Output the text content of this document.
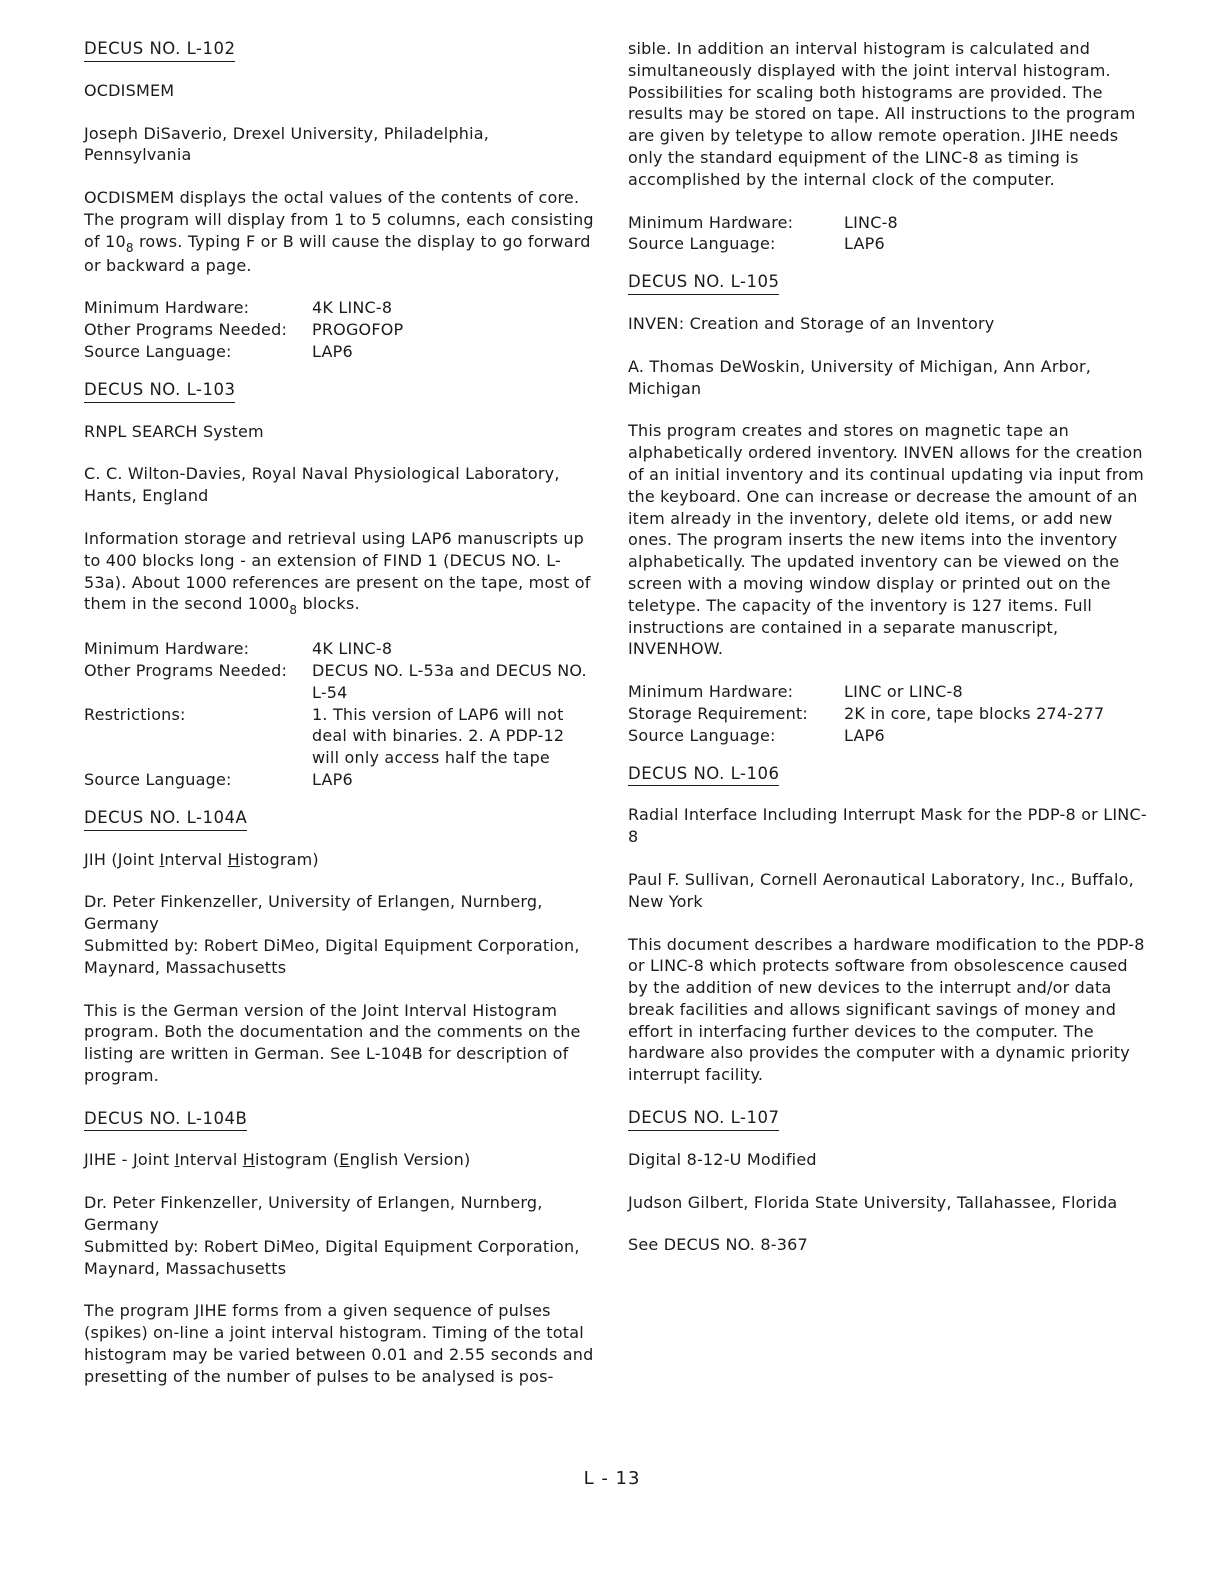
DECUS NO. L-102
OCDISMEM
Joseph DiSaverio, Drexel University, Philadelphia, Pennsylvania
OCDISMEM displays the octal values of the contents of core. The program will display from 1 to 5 columns, each consisting of $10_8$ rows. Typing F or B will cause the display to go forward or backward a page.
Minimum Hardware:	4K LINC-8
Other Programs Needed:	PROGOFOP
Source Language:	LAP6
DECUS NO. L-103
RNPL SEARCH System
C. C. Wilton-Davies, Royal Naval Physiological Laboratory, Hants, England
Information storage and retrieval using LAP6 manuscripts up to 400 blocks long - an extension of FIND 1 (DECUS NO. L-53a). About 1000 references are present on the tape, most of them in the second $1000_8$ blocks.
Minimum Hardware:	4K LINC-8
Other Programs Needed:	DECUS NO. L-53a and DECUS NO. L-54
Restrictions:	1. This version of LAP6 will not deal with binaries. 2. A PDP-12 will only access half the tape
Source Language:	LAP6
DECUS NO. L-104A
JIH (Joint Interval Histogram)
Dr. Peter Finkenzeller, University of Erlangen, Nurnberg, Germany
Submitted by: Robert DiMeo, Digital Equipment Corporation, Maynard, Massachusetts
This is the German version of the Joint Interval Histogram program. Both the documentation and the comments on the listing are written in German. See L-104B for description of program.
DECUS NO. L-104B
JIHE - Joint Interval Histogram (English Version)
Dr. Peter Finkenzeller, University of Erlangen, Nurnberg, Germany
Submitted by: Robert DiMeo, Digital Equipment Corporation, Maynard, Massachusetts
The program JIHE forms from a given sequence of pulses (spikes) on-line a joint interval histogram. Timing of the total histogram may be varied between 0.01 and 2.55 seconds and presetting of the number of pulses to be analysed is pos-
sible. In addition an interval histogram is calculated and simultaneously displayed with the joint interval histogram. Possibilities for scaling both histograms are provided. The results may be stored on tape. All instructions to the program are given by teletype to allow remote operation. JIHE needs only the standard equipment of the LINC-8 as timing is accomplished by the internal clock of the computer.
Minimum Hardware:	LINC-8
Source Language:	LAP6
DECUS NO. L-105
INVEN: Creation and Storage of an Inventory
A. Thomas DeWoskin, University of Michigan, Ann Arbor, Michigan
This program creates and stores on magnetic tape an alphabetically ordered inventory. INVEN allows for the creation of an initial inventory and its continual updating via input from the keyboard. One can increase or decrease the amount of an item already in the inventory, delete old items, or add new ones. The program inserts the new items into the inventory alphabetically. The updated inventory can be viewed on the screen with a moving window display or printed out on the teletype. The capacity of the inventory is 127 items. Full instructions are contained in a separate manuscript, INVENHOW.
Minimum Hardware:	LINC or LINC-8
Storage Requirement:	2K in core, tape blocks 274-277
Source Language:	LAP6
DECUS NO. L-106
Radial Interface Including Interrupt Mask for the PDP-8 or LINC-8
Paul F. Sullivan, Cornell Aeronautical Laboratory, Inc., Buffalo, New York
This document describes a hardware modification to the PDP-8 or LINC-8 which protects software from obsolescence caused by the addition of new devices to the interrupt and/or data break facilities and allows significant savings of money and effort in interfacing further devices to the computer. The hardware also provides the computer with a dynamic priority interrupt facility.
DECUS NO. L-107
Digital 8-12-U Modified
Judson Gilbert, Florida State University, Tallahassee, Florida
See DECUS NO. 8-367
L - 13
